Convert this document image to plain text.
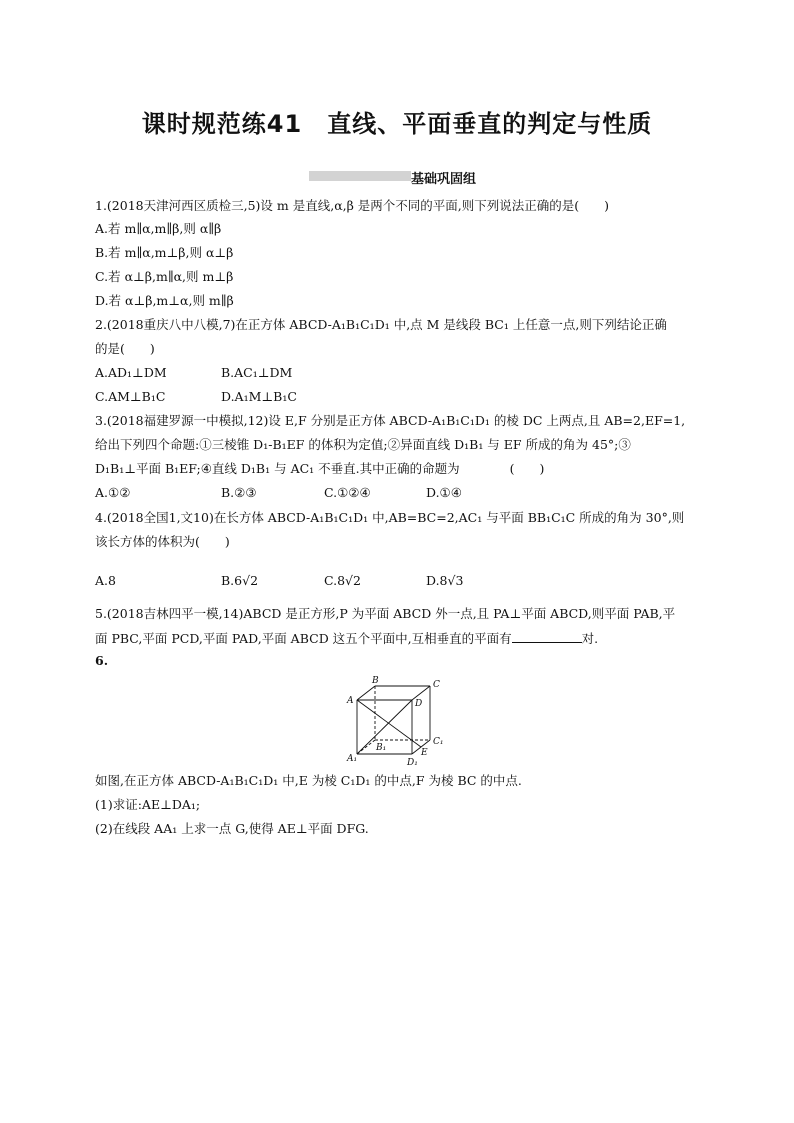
课时规范练41　直线、平面垂直的判定与性质
基础巩固组
1.(2018天津河西区质检三,5)设 m 是直线,α,β 是两个不同的平面,则下列说法正确的是(　　)
A.若 m∥α,m∥β,则 α∥β
B.若 m∥α,m⊥β,则 α⊥β
C.若 α⊥β,m∥α,则 m⊥β
D.若 α⊥β,m⊥α,则 m∥β
2.(2018重庆八中八模,7)在正方体 ABCD-A₁B₁C₁D₁ 中,点 M 是线段 BC₁ 上任意一点,则下列结论正确
的是(　　)
A.AD₁⊥DM	B.AC₁⊥DM
C.AM⊥B₁C	D.A₁M⊥B₁C
3.(2018福建罗源一中模拟,12)设 E,F 分别是正方体 ABCD-A₁B₁C₁D₁ 的棱 DC 上两点,且 AB=2,EF=1,
给出下列四个命题:①三棱锥 D₁-B₁EF 的体积为定值;②异面直线 D₁B₁ 与 EF 所成的角为 45°;③
D₁B₁⊥平面 B₁EF;④直线 D₁B₁ 与 AC₁ 不垂直.其中正确的命题为　　　　(　　)
A.①②	B.②③	C.①②④	D.①④
4.(2018全国1,文10)在长方体 ABCD-A₁B₁C₁D₁ 中,AB=BC=2,AC₁ 与平面 BB₁C₁C 所成的角为 30°,则
该长方体的体积为(　　)
A.8	B.6√2	C.8√2	D.8√3
5.(2018吉林四平一模,14)ABCD 是正方形,P 为平面 ABCD 外一点,且 PA⊥平面 ABCD,则平面 PAB,平
面 PBC,平面 PCD,平面 PAD,平面 ABCD 这五个平面中,互相垂直的平面有	对.
6.
B	C
A	D
C₁
B₁
A₁	D₁
E
如图,在正方体 ABCD-A₁B₁C₁D₁ 中,E 为棱 C₁D₁ 的中点,F 为棱 BC 的中点.
(1)求证:AE⊥DA₁;
(2)在线段 AA₁ 上求一点 G,使得 AE⊥平面 DFG.
